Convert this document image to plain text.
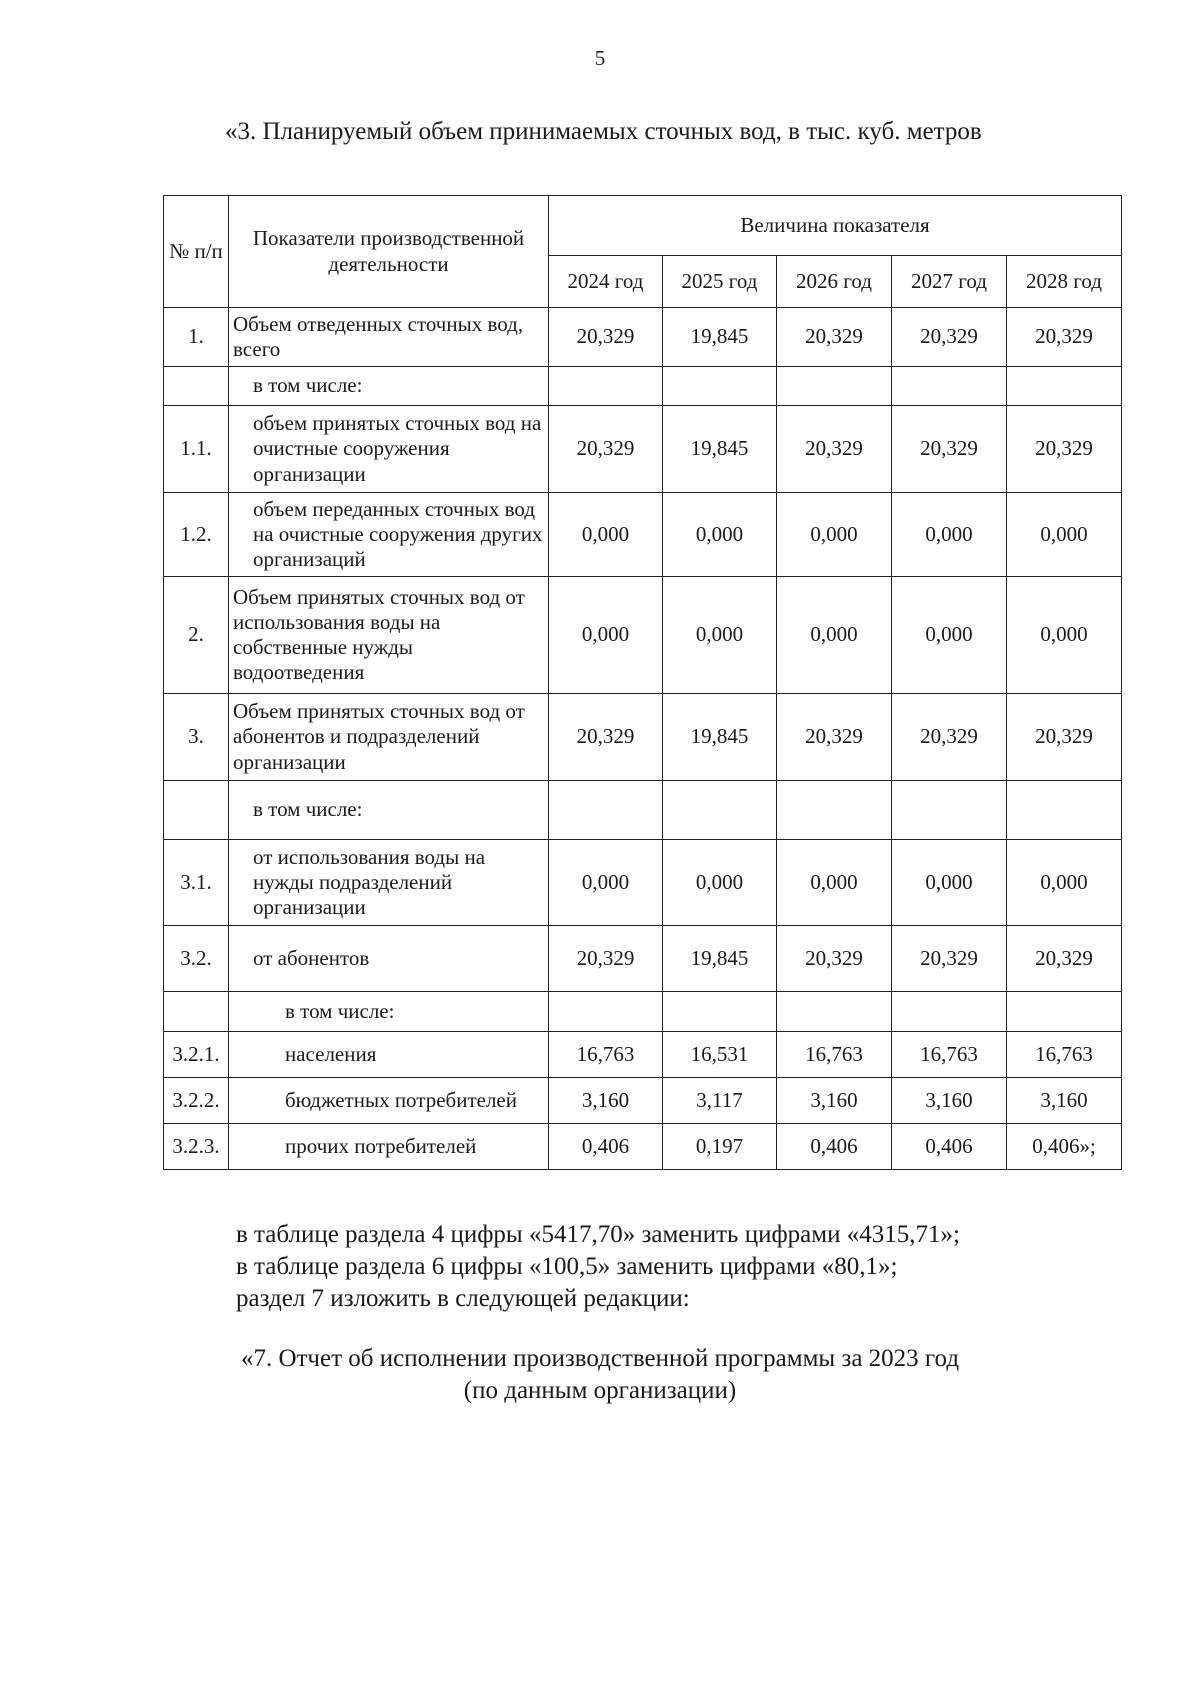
5
«3. Планируемый объем принимаемых сточных вод, в тыс. куб. метров
№ п/п	Показатели производственной деятельности	Величина показателя				
		2024 год	2025 год	2026 год	2027 год	2028 год
1.	Объем отведенных сточных вод, всего	20,329	19,845	20,329	20,329	20,329
	в том числе:					
1.1.	объем принятых сточных вод на очистные сооружения организации	20,329	19,845	20,329	20,329	20,329
1.2.	объем переданных сточных вод на очистные сооружения других организаций	0,000	0,000	0,000	0,000	0,000
2.	Объем принятых сточных вод от использования воды на собственные нужды водоотведения	0,000	0,000	0,000	0,000	0,000
3.	Объем принятых сточных вод от абонентов и подразделений организации	20,329	19,845	20,329	20,329	20,329
	в том числе:					
3.1.	от использования воды на нужды подразделений организации	0,000	0,000	0,000	0,000	0,000
3.2.	от абонентов	20,329	19,845	20,329	20,329	20,329
	в том числе:					
3.2.1.	населения	16,763	16,531	16,763	16,763	16,763
3.2.2.	бюджетных потребителей	3,160	3,117	3,160	3,160	3,160
3.2.3.	прочих потребителей	0,406	0,197	0,406	0,406	0,406»;
в таблице раздела 4 цифры «5417,70» заменить цифрами «4315,71»;
в таблице раздела 6 цифры «100,5» заменить цифрами «80,1»;
раздел 7 изложить в следующей редакции:
«7. Отчет об исполнении производственной программы за 2023 год
(по данным организации)
